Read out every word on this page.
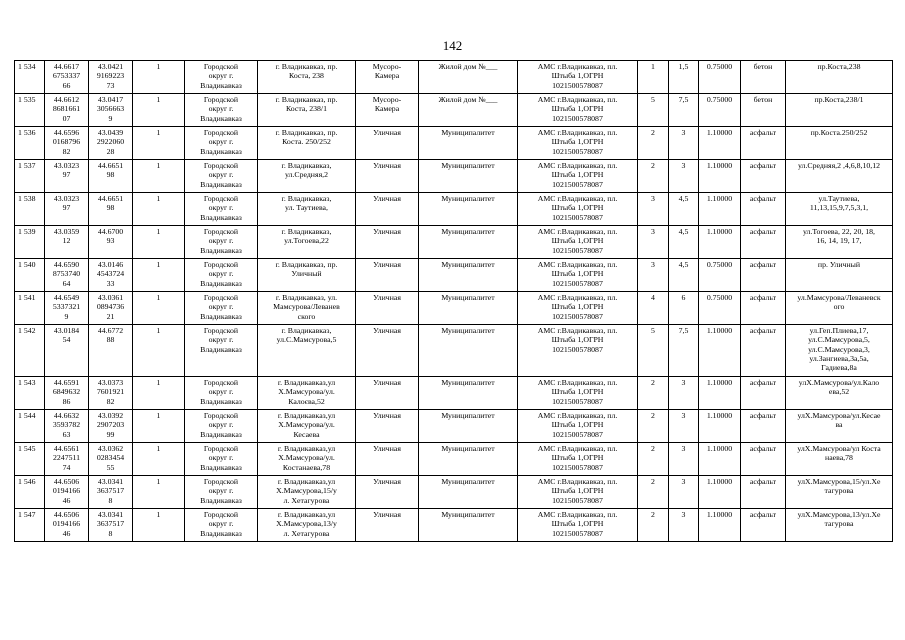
142
1 534	44.6617
6753337
66	43.0421
9169223
73	1	Городской
округ г.
Владикавказ	г. Владикавказ, пр.
Коста, 238	Мусоро-
Камера	Жилой дом №___	АМС г.Владикавказ, пл.
Штыба 1,ОГРН
1021500578087	1	1,5	0.75000	бетон	пр.Коста,238
1 535	44.6612
8681661
07	43.0417
3056663
9	1	Городской
округ г.
Владикавказ	г. Владикавказ, пр.
Коста, 238/1	Мусоро-
Камера	Жилой дом №___	АМС г.Владикавказ, пл.
Штыба 1,ОГРН
1021500578087	5	7,5	0.75000	бетон	пр.Коста,238/1
1 536	44.6596
0168796
82	43.0439
2922060
28	1	Городской
округ г.
Владикавказ	г. Владикавказ, пр.
Коста. 250/252	Уличная	Муниципалитет	АМС г.Владикавказ, пл.
Штыба 1,ОГРН
1021500578087	2	3	1.10000	асфальт	пр.Коста.250/252
1 537	43.0323
97	44.6651
98	1	Городской
округ г.
Владикавказ	г. Владикавказ,
ул.Средняя,2	Уличная	Муниципалитет	АМС г.Владикавказ, пл.
Штыба 1,ОГРН
1021500578087	2	3	1.10000	асфальт	ул.Средняя,2 ,4,6,8,10,12
1 538	43.0323
97	44.6651
98	1	Городской
округ г.
Владикавказ	г. Владикавказ,
ул. Таутиева,	Уличная	Муниципалитет	АМС г.Владикавказ, пл.
Штыба 1,ОГРН
1021500578087	3	4,5	1.10000	асфальт	ул.Таутиева,
11,13,15,9,7,5,3,1,
1 539	43.0359
12	44.6700
93	1	Городской
округ г.
Владикавказ	г. Владикавказ,
ул.Тогоева,22	Уличная	Муниципалитет	АМС г.Владикавказ, пл.
Штыба 1,ОГРН
1021500578087	3	4,5	1.10000	асфальт	ул.Тогоева, 22, 20, 18,
16, 14, 19, 17,
1 540	44.6590
8753740
64	43.0146
4543724
33	1	Городской
округ г.
Владикавказ	г. Владикавказ, пр.
Уличный	Уличная	Муниципалитет	АМС г.Владикавказ, пл.
Штыба 1,ОГРН
1021500578087	3	4,5	0.75000	асфальт	пр. Уличный
1 541	44.6549
5337321
9	43.0361
0894736
21	1	Городской
округ г.
Владикавказ	г. Владикавказ, ул.
Мамсурова/Леванев
ского	Уличная	Муниципалитет	АМС г.Владикавказ, пл.
Штыба 1,ОГРН
1021500578087	4	6	0.75000	асфальт	ул.Мамсурова/Леваневск
ого
1 542	43.0184
54	44.6772
88	1	Городской
округ г.
Владикавказ	г. Владикавказ,
ул.С.Мамсурова,5	Уличная	Муниципалитет	АМС г.Владикавказ, пл.
Штыба 1,ОГРН
1021500578087	5	7,5	1.10000	асфальт	ул.Геп.Плиева,17,
ул.С.Мамсурова,5,
ул.С.Мамсурова,3,
ул.Зангиева,3а,5а,
Гадиева,8а
1 543	44.6591
6849632
86	43.0373
7601921
82	1	Городской
округ г.
Владикавказ	г. Владикавказ,ул
Х.Мамсурова/ул.
Калоєва,52	Уличная	Муниципалитет	АМС г.Владикавказ, пл.
Штыба 1,ОГРН
1021500578087	2	3	1.10000	асфальт	улХ.Мамсурова/ул.Кало
ева,52
1 544	44.6632
3593782
63	43.0392
2907203
99	1	Городской
округ г.
Владикавказ	г. Владикавказ,ул
Х.Мамсурова/ул.
Кесаева	Уличная	Муниципалитет	АМС г.Владикавказ, пл.
Штыба 1,ОГРН
1021500578087	2	3	1.10000	асфальт	улХ.Мамсурова/ул.Кесае
ва
1 545	44.6561
2247511
74	43.0362
0283454
55	1	Городской
округ г.
Владикавказ	г. Владикавказ,ул
Х.Мамсурова/ул.
Костанаева,78	Уличная	Муниципалитет	АМС г.Владикавказ, пл.
Штыба 1,ОГРН
1021500578087	2	3	1.10000	асфальт	улХ.Мамсурова/ул Коста
наева,78
1 546	44.6506
0194166
46	43.0341
3637517
8	1	Городской
округ г.
Владикавказ	г. Владикавказ,ул
Х.Мамсурова,15/у
л. Хетагурова	Уличная	Муниципалитет	АМС г.Владикавказ, пл.
Штыба 1,ОГРН
1021500578087	2	3	1.10000	асфальт	улХ.Мамсурова,15/ул.Хе
тагурова
1 547	44.6506
0194166
46	43.0341
3637517
8	1	Городской
округ г.
Владикавказ	г. Владикавказ,ул
Х.Мамсурова,13/у
л. Хетагурова	Уличная	Муниципалитет	АМС г.Владикавказ, пл.
Штыба 1,ОГРН
1021500578087	2	3	1.10000	асфальт	улХ.Мамсурова,13/ул.Хе
тагурова
